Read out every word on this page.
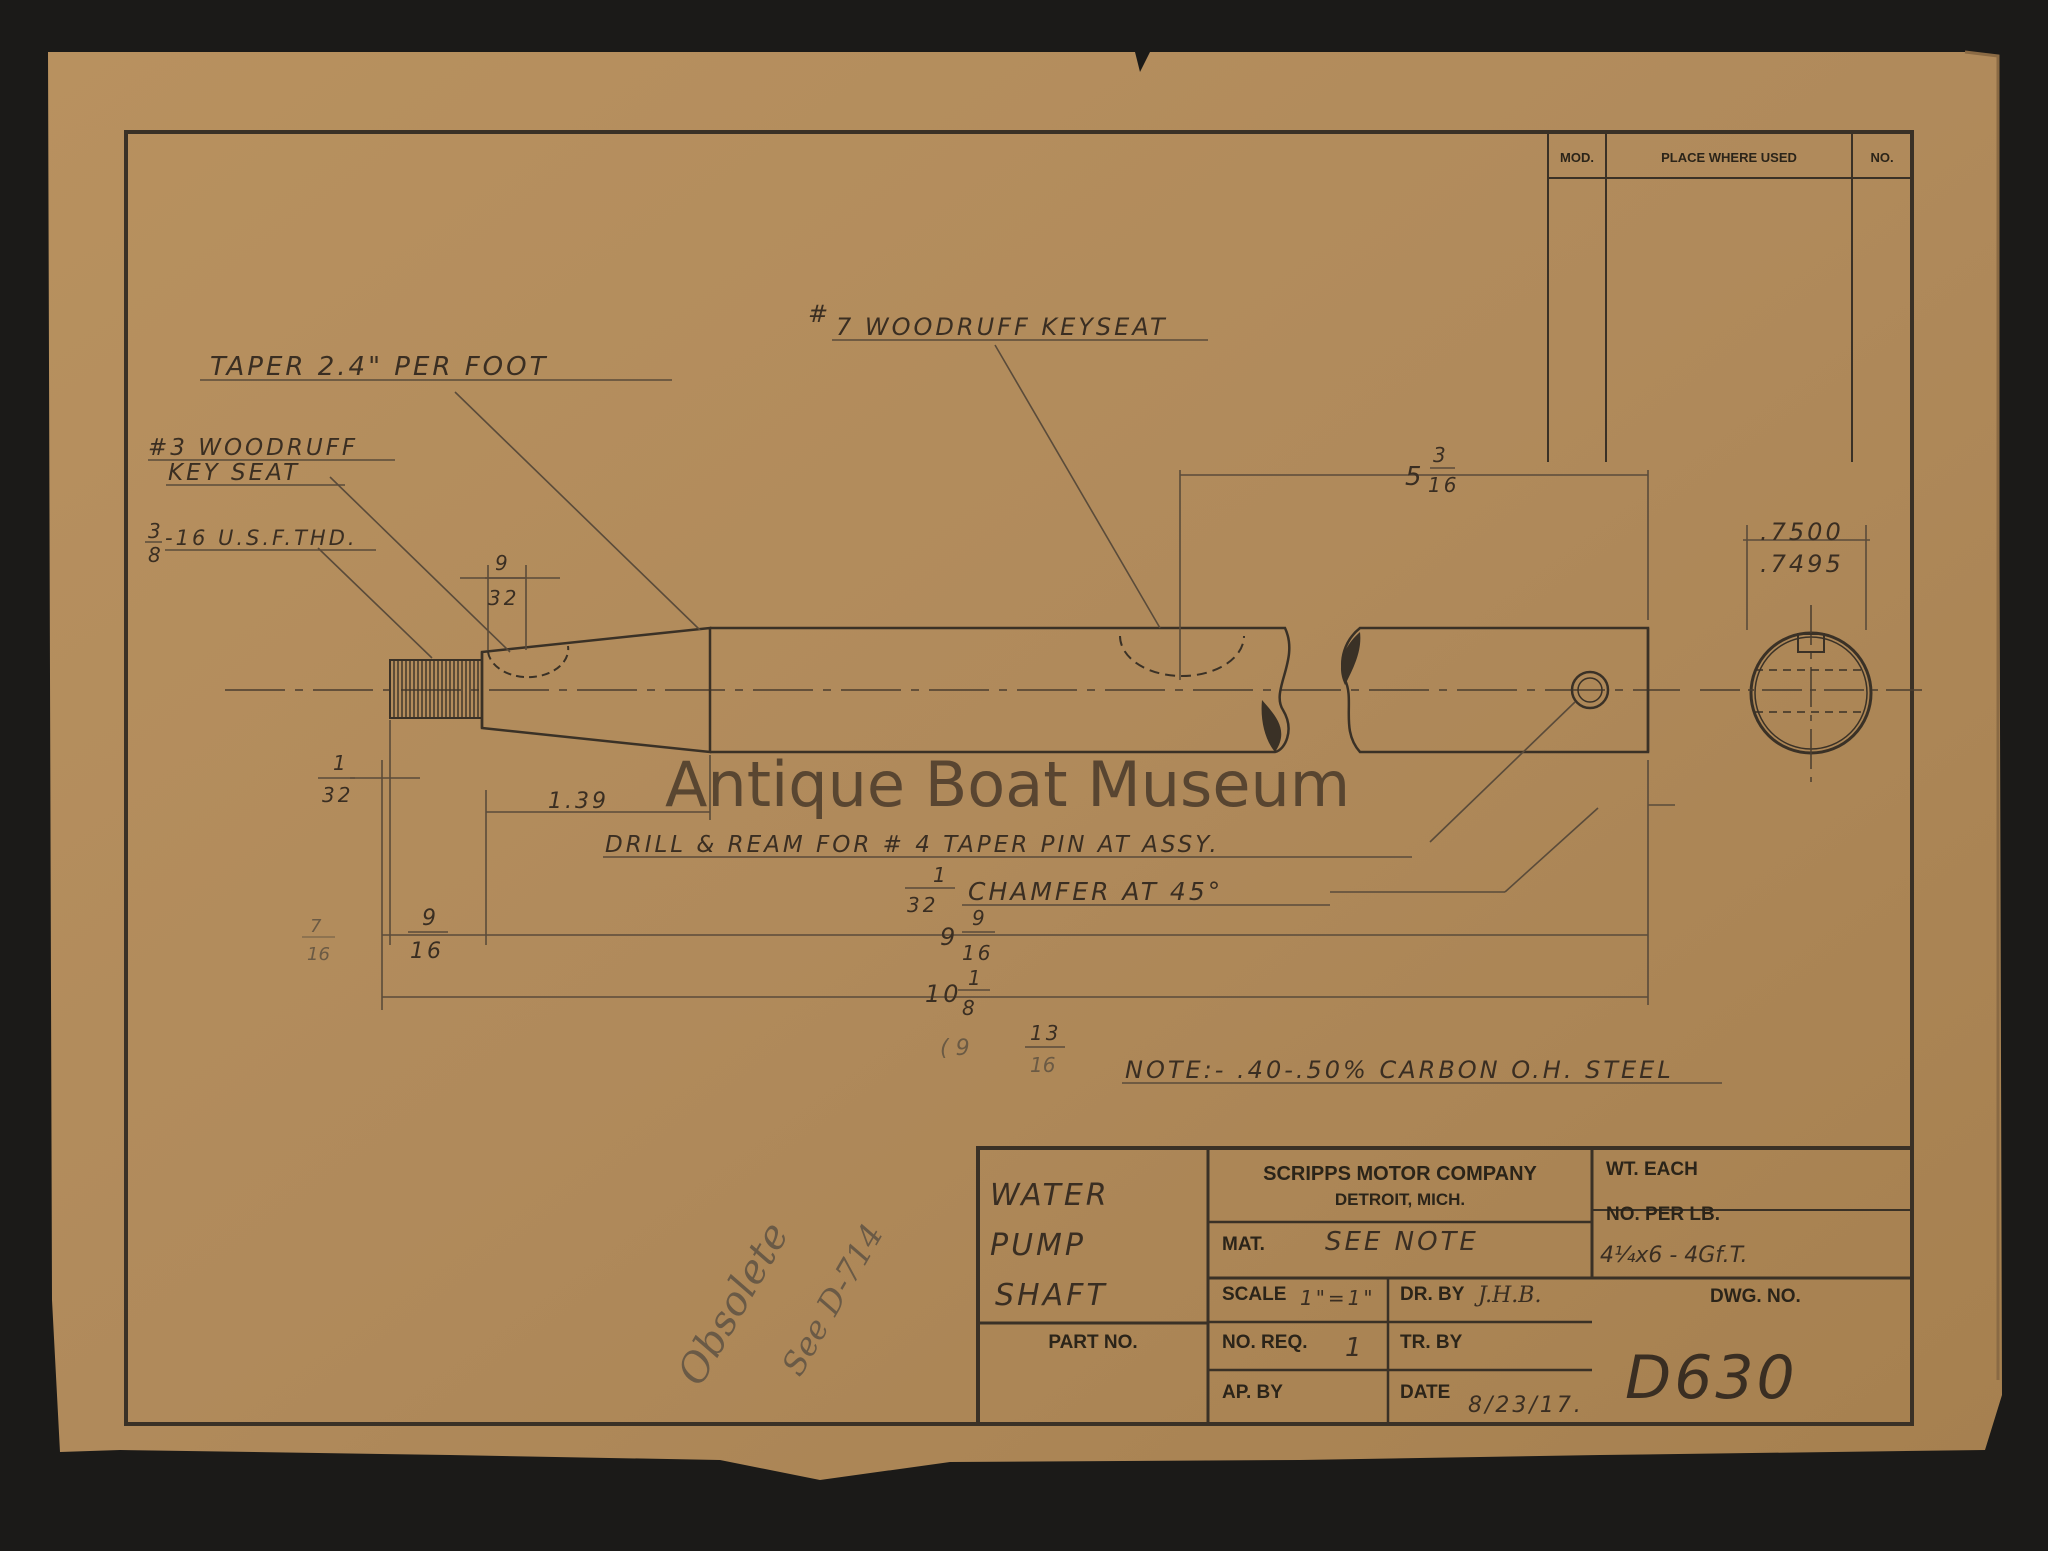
MOD.	PLACE WHERE USED	NO.
TAPER 2.4" PER FOOT
# 7 WOODRUFF KEYSEAT
#3 WOODRUFF
KEY SEAT
3
8
-16 U.S.F.THD.	.7500
.7495
5
3
16
9
32
1
32	1.39
DRILL & REAM FOR # 4 TAPER PIN AT ASSY.
1
32 CHAMFER AT 45°
9
16
7
16
9
9
16
10
1
8
( 9
13
16	NOTE:- .40-.50% CARBON O.H. STEEL
Obsolete
See D-714
Antique Boat Museum
WATER
PUMP
SHAFT
PART NO.
SCRIPPS MOTOR COMPANY
DETROIT, MICH.
MAT. SEE NOTE
SCALE 1"=1" DR. BY J.H.B.
NO. REQ. 1 TR. BY
AP. BY	DATE
8/23/17.
WT. EACH
NO. PER LB.
4¼x6 - 4Gf.T.
DWG. NO.
D630
